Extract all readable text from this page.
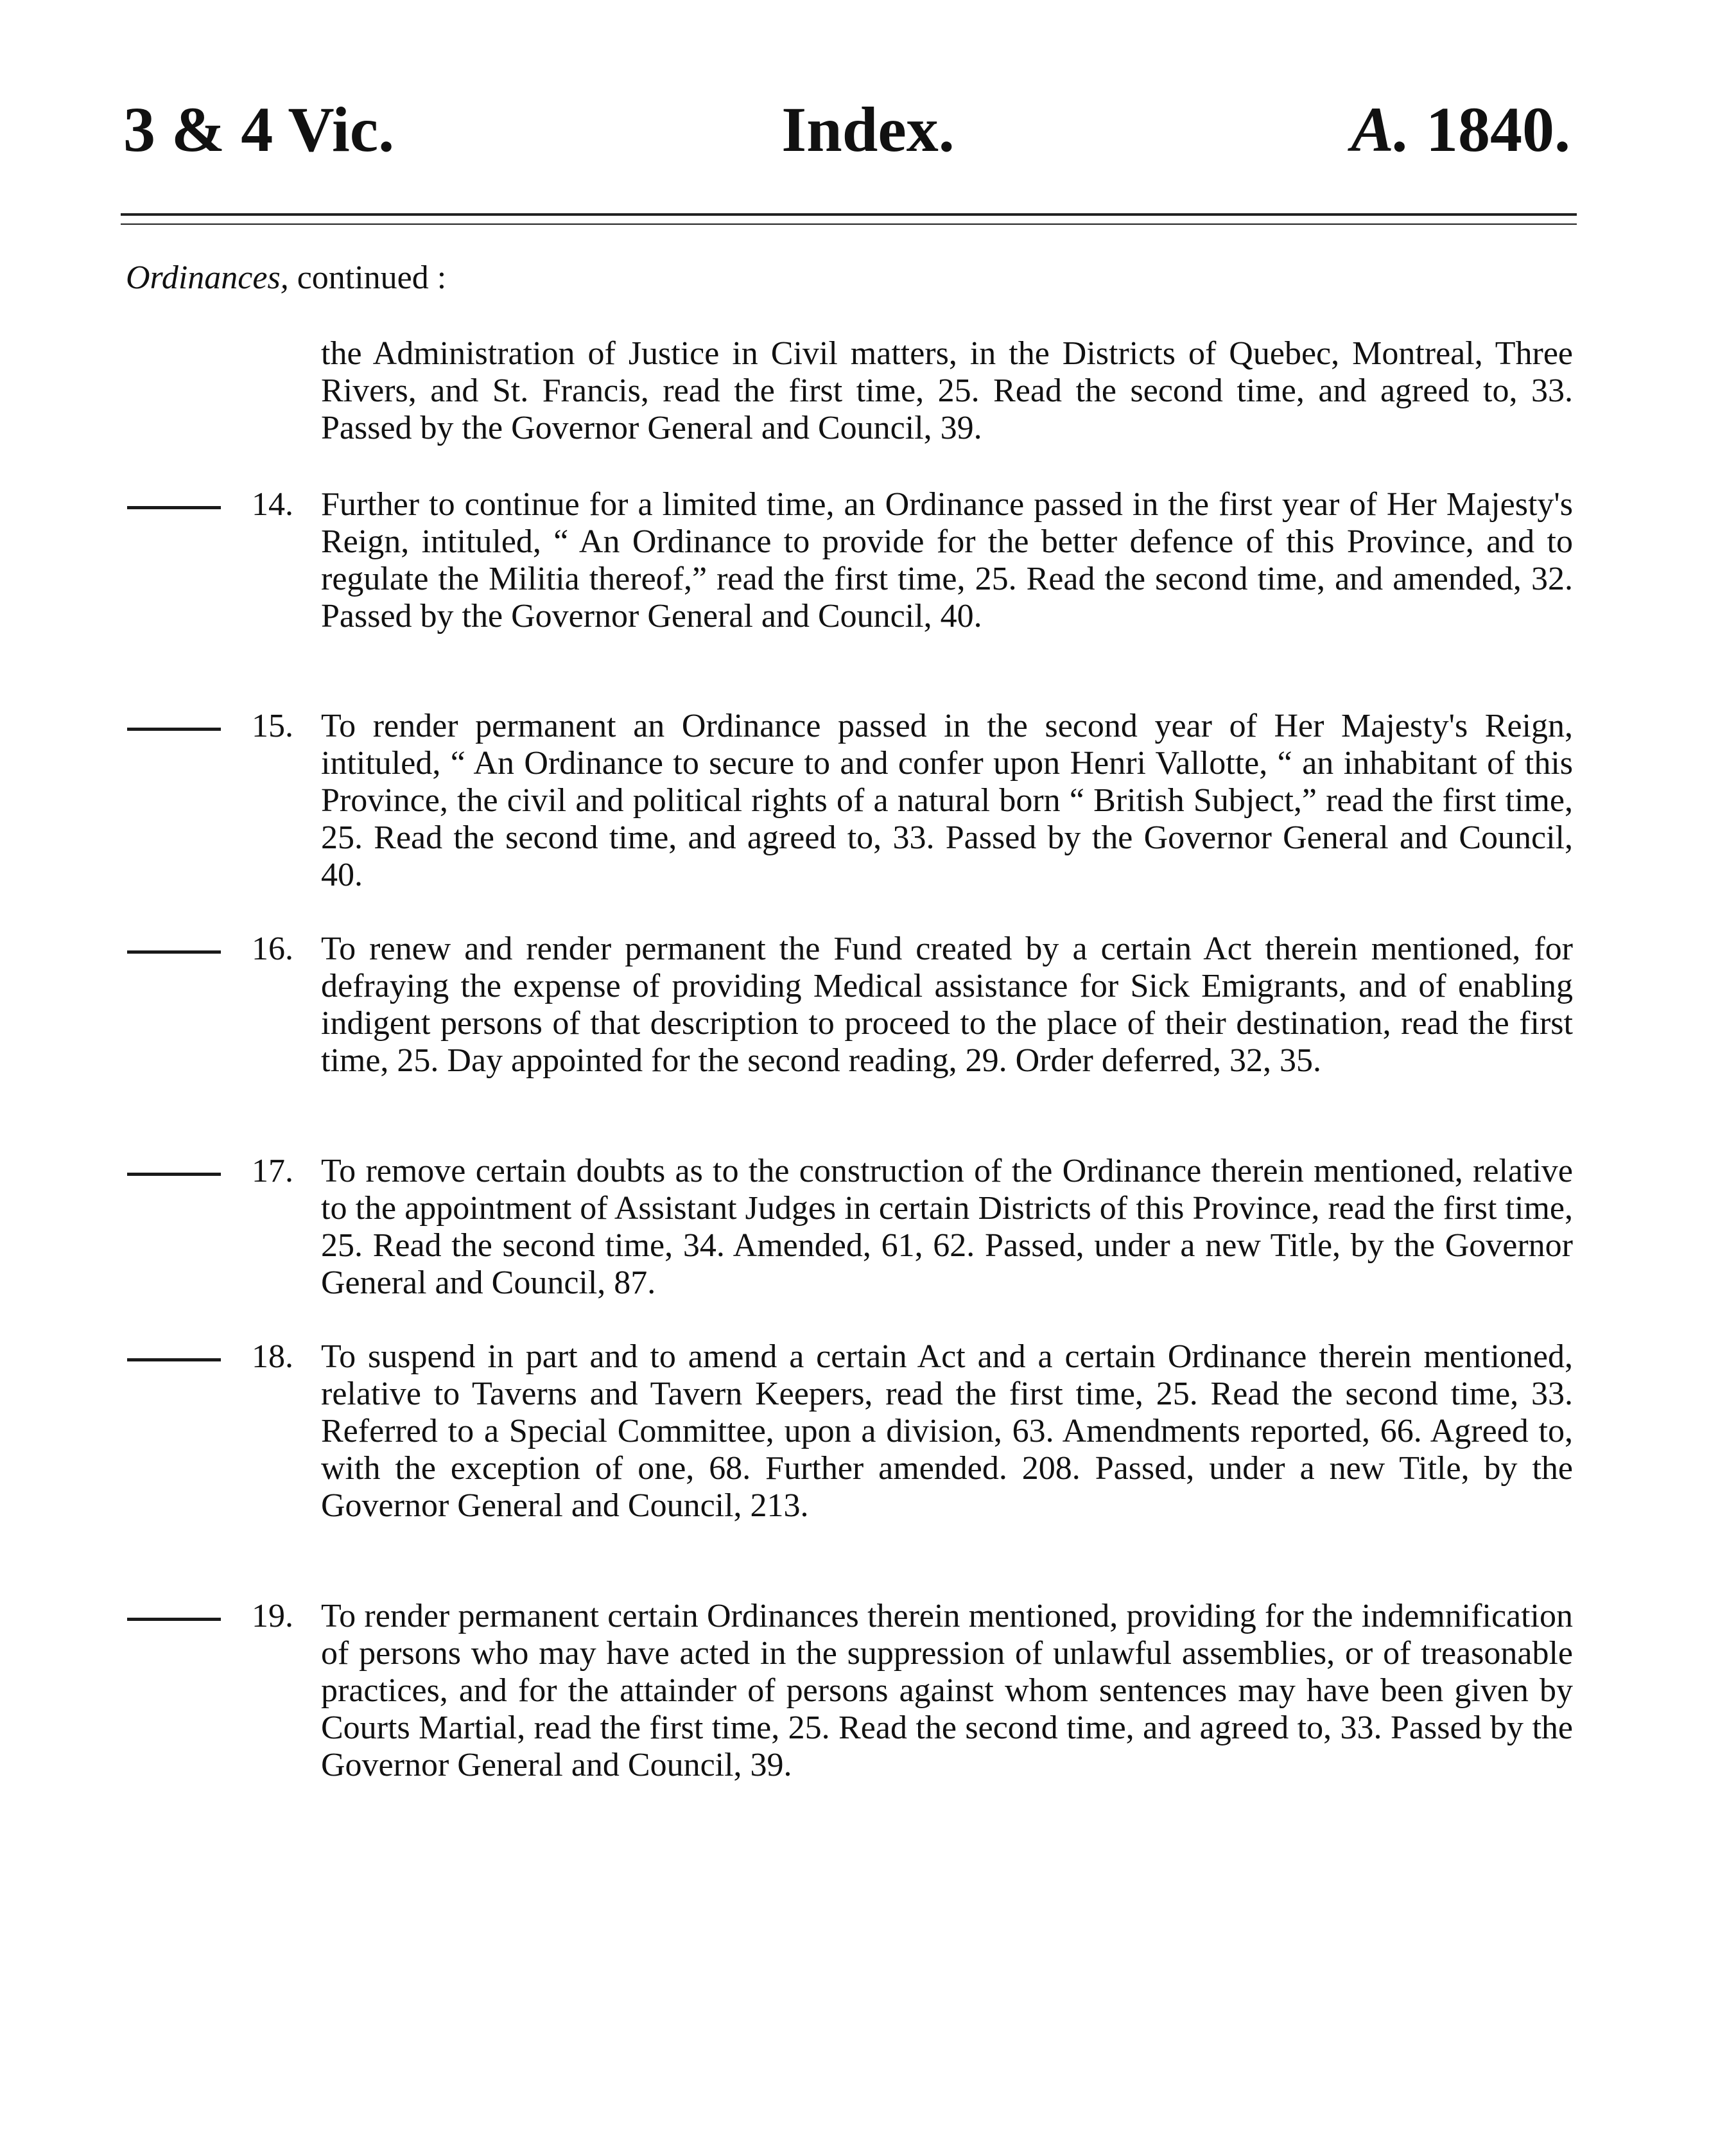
3 & 4 Vic.	Index.	A. 1840.
Ordinances, continued :
the Administration of Justice in Civil matters, in the Districts of Quebec, Montreal, Three Rivers, and St. Francis, read the first time, 25. Read the second time, and agreed to, 33. Passed by the Governor General and Council, 39.
14. Further to continue for a limited time, an Ordinance passed in the first year of Her Majesty's Reign, intituled, “ An Ordinance to provide for the better defence of this Province, and to regulate the Militia thereof,” read the first time, 25. Read the second time, and amended, 32. Passed by the Governor General and Council, 40.
15. To render permanent an Ordinance passed in the second year of Her Majesty's Reign, intituled, “ An Ordinance to secure to and confer upon Henri Vallotte, “ an inhabitant of this Province, the civil and political rights of a natural born “ British Subject,” read the first time, 25. Read the second time, and agreed to, 33. Passed by the Governor General and Council, 40.
16. To renew and render permanent the Fund created by a certain Act therein mentioned, for defraying the expense of providing Medical assistance for Sick Emigrants, and of enabling indigent persons of that description to proceed to the place of their destination, read the first time, 25. Day appointed for the second reading, 29. Order deferred, 32, 35.
17. To remove certain doubts as to the construction of the Ordinance therein mentioned, relative to the appointment of Assistant Judges in certain Districts of this Province, read the first time, 25. Read the second time, 34. Amended, 61, 62. Passed, under a new Title, by the Governor General and Council, 87.
18. To suspend in part and to amend a certain Act and a certain Ordinance therein mentioned, relative to Taverns and Tavern Keepers, read the first time, 25. Read the second time, 33. Referred to a Special Committee, upon a division, 63. Amendments reported, 66. Agreed to, with the exception of one, 68. Further amended. 208. Passed, under a new Title, by the Governor General and Council, 213.
19. To render permanent certain Ordinances therein mentioned, providing for the indemnification of persons who may have acted in the suppression of unlawful assemblies, or of treasonable practices, and for the attainder of persons against whom sentences may have been given by Courts Martial, read the first time, 25. Read the second time, and agreed to, 33. Passed by the Governor General and Council, 39.
